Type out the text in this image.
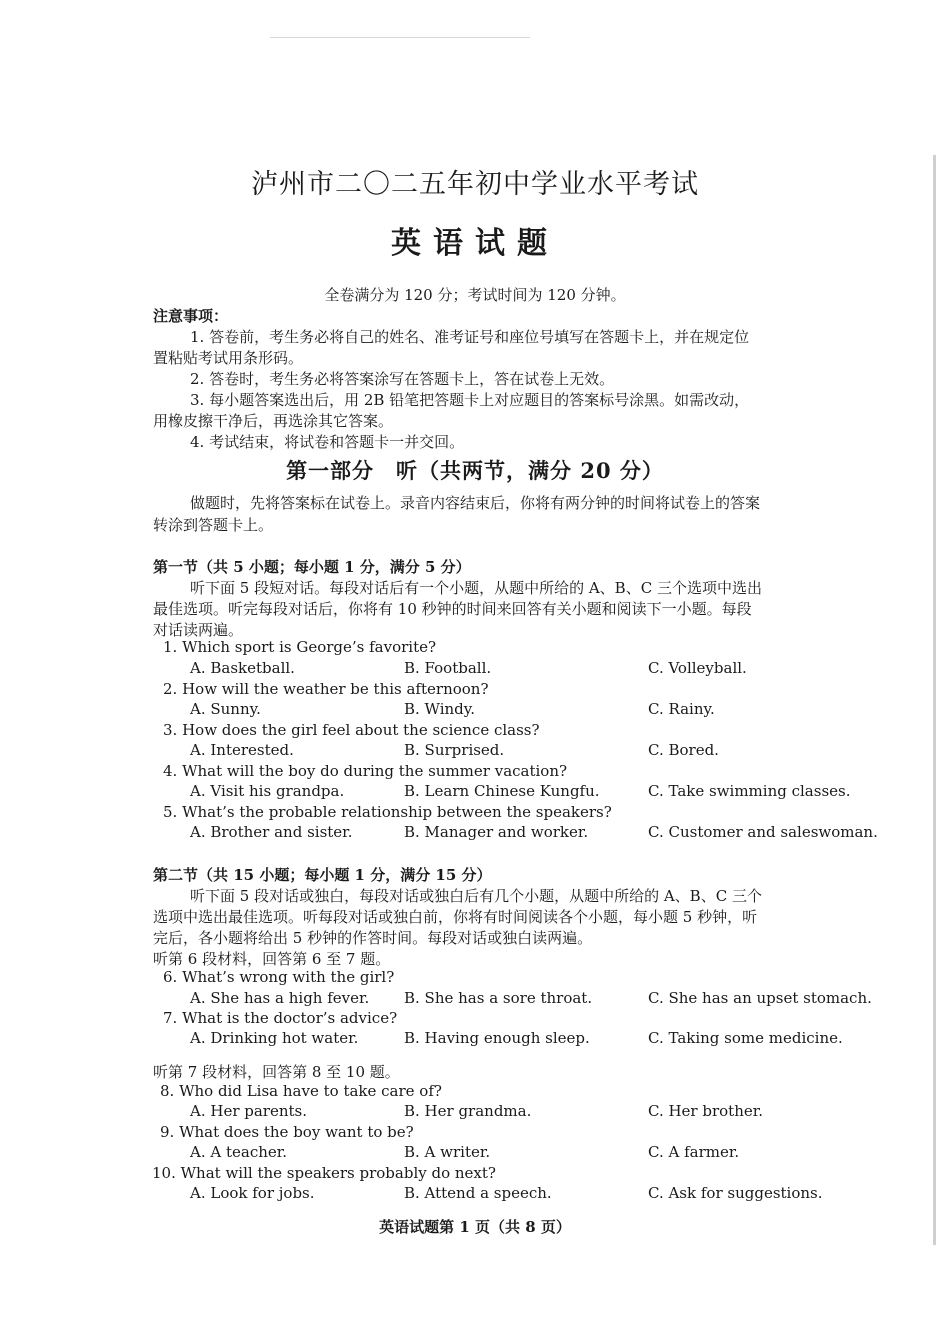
泸州市二〇二五年初中学业水平考试
英语试题
全卷满分为 120 分；考试时间为 120 分钟。
注意事项：
1. 答卷前，考生务必将自己的姓名、准考证号和座位号填写在答题卡上，并在规定位
置粘贴考试用条形码。
2. 答卷时，考生务必将答案涂写在答题卡上，答在试卷上无效。
3. 每小题答案选出后，用 2B 铅笔把答题卡上对应题目的答案标号涂黑。如需改动，
用橡皮擦干净后，再选涂其它答案。
4. 考试结束，将试卷和答题卡一并交回。
第一部分　听（共两节，满分 20 分）
做题时，先将答案标在试卷上。录音内容结束后，你将有两分钟的时间将试卷上的答案
转涂到答题卡上。
第一节（共 5 小题；每小题 1 分，满分 5 分）
听下面 5 段短对话。每段对话后有一个小题，从题中所给的 A、B、C 三个选项中选出
最佳选项。听完每段对话后，你将有 10 秒钟的时间来回答有关小题和阅读下一小题。每段
对话读两遍。
1. Which sport is George’s favorite?
A. Basketball.	B. Football.	C. Volleyball.
2. How will the weather be this afternoon?
A. Sunny.	B. Windy.	C. Rainy.
3. How does the girl feel about the science class?
A. Interested.	B. Surprised.	C. Bored.
4. What will the boy do during the summer vacation?
A. Visit his grandpa.	B. Learn Chinese Kungfu.	C. Take swimming classes.
5. What’s the probable relationship between the speakers?
A. Brother and sister.	B. Manager and worker.	C. Customer and saleswoman.
第二节（共 15 小题；每小题 1 分，满分 15 分）
听下面 5 段对话或独白，每段对话或独白后有几个小题，从题中所给的 A、B、C 三个
选项中选出最佳选项。听每段对话或独白前，你将有时间阅读各个小题，每小题 5 秒钟，听
完后，各小题将给出 5 秒钟的作答时间。每段对话或独白读两遍。
听第 6 段材料，回答第 6 至 7 题。
6. What’s wrong with the girl?
A. She has a high fever. B. She has a sore throat.	C. She has an upset stomach.
7. What is the doctor’s advice?
A. Drinking hot water.	B. Having enough sleep.	C. Taking some medicine.
听第 7 段材料，回答第 8 至 10 题。
8. Who did Lisa have to take care of?
A. Her parents.	B. Her grandma.	C. Her brother.
9. What does the boy want to be?
A. A teacher.	B. A writer.	C. A farmer.
10. What will the speakers probably do next?
A. Look for jobs.	B. Attend a speech.	C. Ask for suggestions.
英语试题第 1 页（共 8 页）
